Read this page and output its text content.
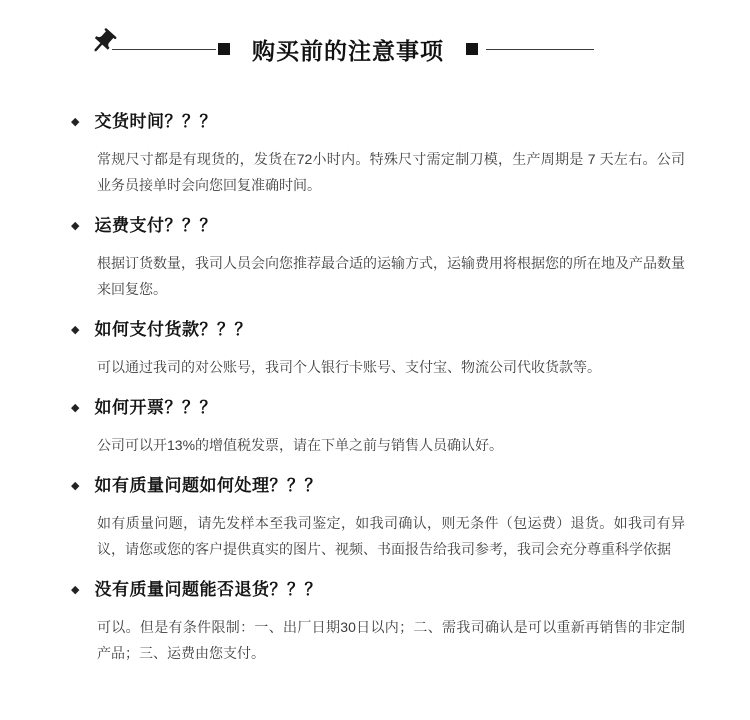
购买前的注意事项
◆ 交货时间？？？

常规尺寸都是有现货的，发货在72小时内。特殊尺寸需定制刀模，生产周期是 7 天左右。公司业务员接单时会向您回复准确时间。

◆ 运费支付？？？

根据订货数量，我司人员会向您推荐最合适的运输方式，运输费用将根据您的所在地及产品数量来回复您。

◆ 如何支付货款？？？

可以通过我司的对公账号，我司个人银行卡账号、支付宝、物流公司代收货款等。

◆ 如何开票？？？

公司可以开13%的增值税发票，请在下单之前与销售人员确认好。

◆ 如有质量问题如何处理？？？

如有质量问题，请先发样本至我司鉴定，如我司确认，则无条件（包运费）退货。如我司有异议，请您或您的客户提供真实的图片、视频、书面报告给我司参考，我司会充分尊重科学依据

◆ 没有质量问题能否退货？？？

可以。但是有条件限制：一、出厂日期30日以内；二、需我司确认是可以重新再销售的非定制产品；三、运费由您支付。
